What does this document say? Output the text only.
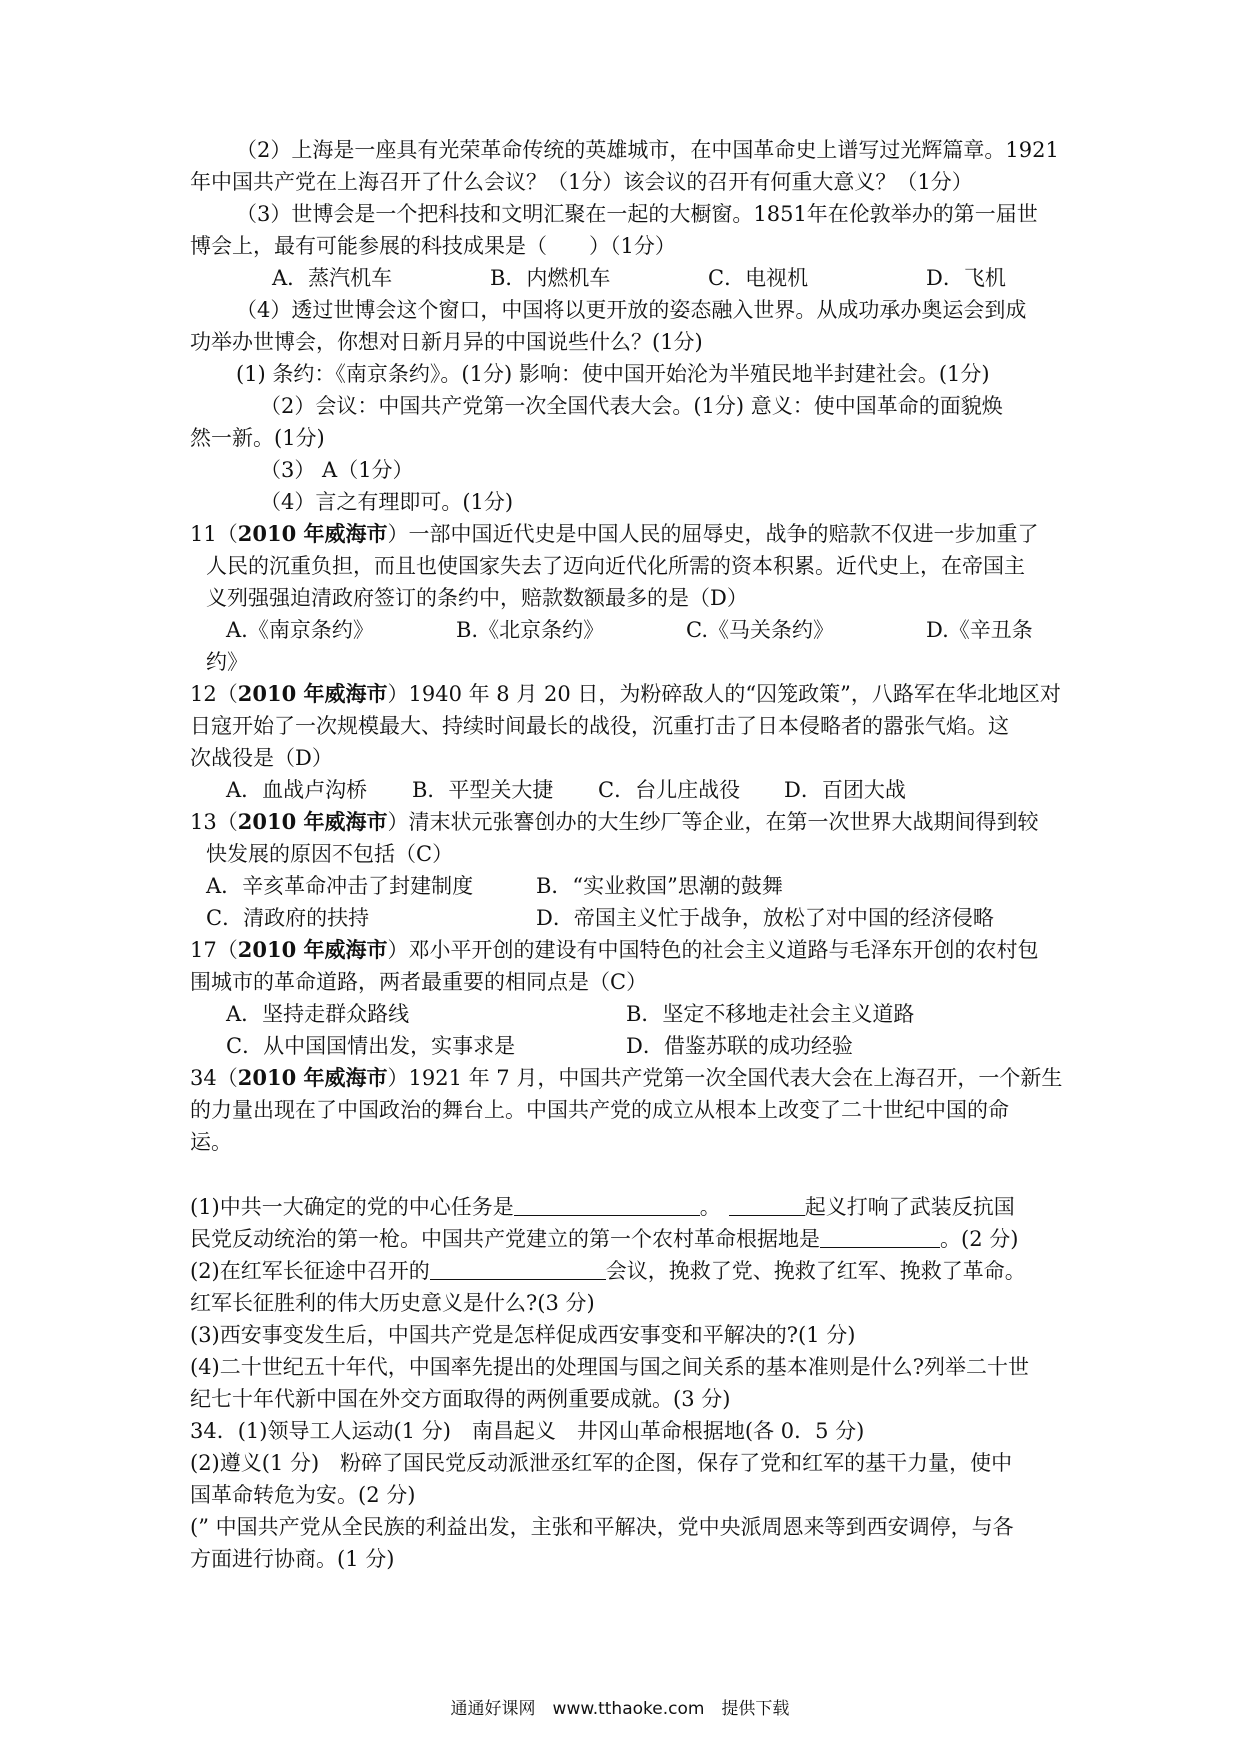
（2）上海是一座具有光荣革命传统的英雄城市，在中国革命史上谱写过光辉篇章。1921
年中国共产党在上海召开了什么会议？（1分）该会议的召开有何重大意义？（1分）
（3）世博会是一个把科技和文明汇聚在一起的大橱窗。1851年在伦敦举办的第一届世
博会上，最有可能参展的科技成果是（　　）（1分）
A．蒸汽机车	B．内燃机车	C．电视机	D．飞机
（4）透过世博会这个窗口，中国将以更开放的姿态融入世界。从成功承办奥运会到成
功举办世博会，你想对日新月异的中国说些什么？(1分)
(1) 条约：《南京条约》。(1分) 影响：使中国开始沦为半殖民地半封建社会。(1分)
（2）会议：中国共产党第一次全国代表大会。(1分) 意义：使中国革命的面貌焕
然一新。(1分)
（3） A（1分）
（4）言之有理即可。(1分)
11（2010 年威海市）一部中国近代史是中国人民的屈辱史，战争的赔款不仅进一步加重了
人民的沉重负担，而且也使国家失去了迈向近代化所需的资本积累。近代史上，在帝国主
义列强强迫清政府签订的条约中，赔款数额最多的是（D）
A.《南京条约》	B.《北京条约》	C.《马关条约》	D.《辛丑条
约》
12（2010 年威海市）1940 年 8 月 20 日，为粉碎敌人的“囚笼政策”，八路军在华北地区对
日寇开始了一次规模最大、持续时间最长的战役，沉重打击了日本侵略者的嚣张气焰。这
次战役是（D）
A．血战卢沟桥 B．平型关大捷 C．台儿庄战役 D．百团大战
13（2010 年威海市）清末状元张謇创办的大生纱厂等企业，在第一次世界大战期间得到较
快发展的原因不包括（C）
A．辛亥革命冲击了封建制度	B．“实业救国”思潮的鼓舞
C．清政府的扶持	D．帝国主义忙于战争，放松了对中国的经济侵略
17（2010 年威海市）邓小平开创的建设有中国特色的社会主义道路与毛泽东开创的农村包
围城市的革命道路，两者最重要的相同点是（C）
A．坚持走群众路线	B．坚定不移地走社会主义道路
C．从中国国情出发，实事求是	D．借鉴苏联的成功经验
34（2010 年威海市）1921 年 7 月，中国共产党第一次全国代表大会在上海召开，一个新生
的力量出现在了中国政治的舞台上。中国共产党的成立从根本上改变了二十世纪中国的命
运。
(1)中共一大确定的党的中心任务是	。	起义打响了武装反抗国
民党反动统治的第一枪。中国共产党建立的第一个农村革命根据地是	。(2 分)
(2)在红军长征途中召开的	会议，挽救了党、挽救了红军、挽救了革命。
红军长征胜利的伟大历史意义是什么?(3 分)
(3)西安事变发生后，中国共产党是怎样促成西安事变和平解决的?(1 分)
(4)二十世纪五十年代，中国率先提出的处理国与国之间关系的基本准则是什么?列举二十世
纪七十年代新中国在外交方面取得的两例重要成就。(3 分)
34．(1)领导工人运动(1 分)　南昌起义　井冈山革命根据地(各 0．5 分)
(2)遵义(1 分)　粉碎了国民党反动派泄丞红军的企图，保存了党和红军的基干力量，使中
国革命转危为安。(2 分)
(” 中国共产党从全民族的利益出发，主张和平解决，党中央派周恩来等到西安调停，与各
方面进行协商。(1 分)
通通好课网　www.tthaoke.com　提供下载
